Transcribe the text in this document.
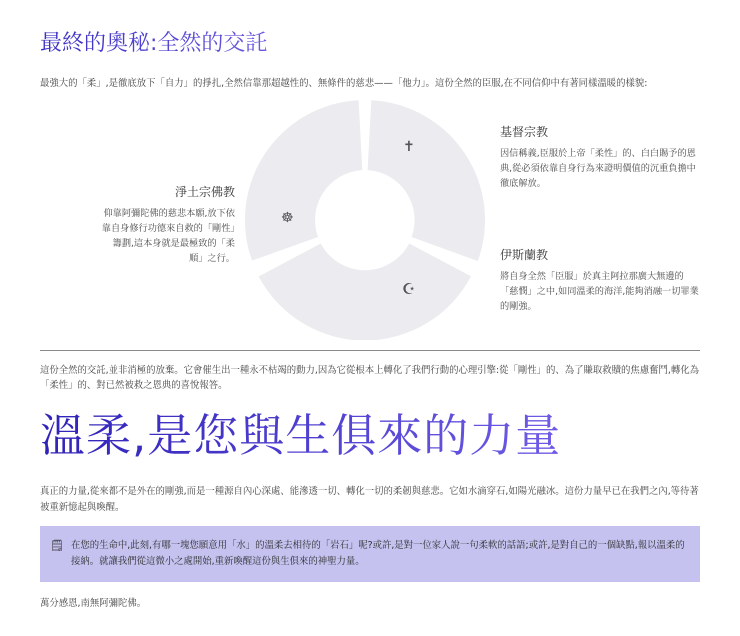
最終的奧秘:全然的交託
最強大的「柔」,是徹底放下「自力」的掙扎,全然信靠那超越性的、無條件的慈悲——「他力」。這份全然的臣服,在不同信仰中有著同樣溫暖的樣貌:
✝
☸
☪
淨土宗佛教
仰靠阿彌陀佛的慈悲本願,放下依靠自身修行功德來自救的「剛性」籌劃,這本身就是最極致的「柔順」之行。
基督宗教
因信稱義,臣服於上帝「柔性」的、白白賜予的恩典,從必須依靠自身行為來證明價值的沉重負擔中徹底解放。
伊斯蘭教
將自身全然「臣服」於真主阿拉那廣大無邊的「慈憫」之中,如同溫柔的海洋,能夠消融一切罪業的剛強。
這份全然的交託,並非消極的放棄。它會催生出一種永不枯竭的動力,因為它從根本上轉化了我們行動的心理引擎:從「剛性」的、為了賺取救贖的焦慮奮鬥,轉化為「柔性」的、對已然被救之恩典的喜悅報答。
溫柔,是您與生俱來的力量
真正的力量,從來都不是外在的剛強,而是一種源自內心深處、能滲透一切、轉化一切的柔韌與慈悲。它如水滴穿石,如陽光融冰。這份力量早已在我們之內,等待著被重新憶起與喚醒。
🗒 在您的生命中,此刻,有哪一塊您願意用「水」的溫柔去相待的「岩石」呢?或許,是對一位家人說一句柔軟的話語;或許,是對自己的一個缺點,報以溫柔的接納。就讓我們從這微小之處開始,重新喚醒這份與生俱來的神聖力量。
萬分感恩,南無阿彌陀佛。
